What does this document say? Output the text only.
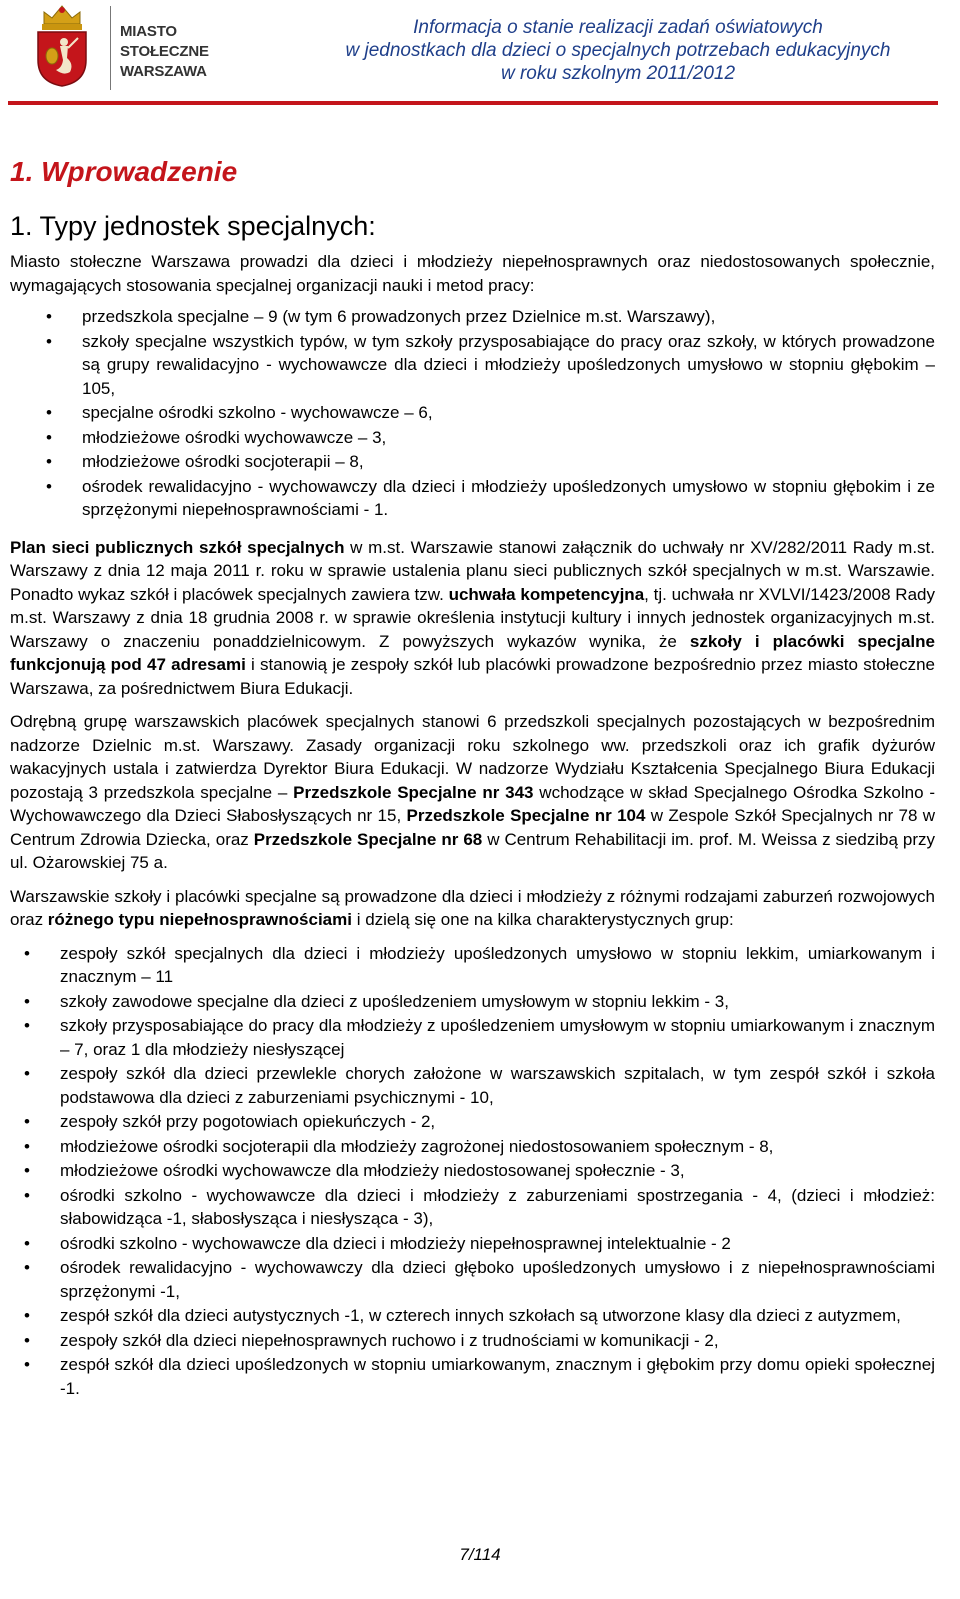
MIASTO
STOŁECZNE
WARSZAWA
Informacja o stanie realizacji zadań oświatowych
w jednostkach dla dzieci o specjalnych potrzebach edukacyjnych
w roku szkolnym 2011/2012
1. Wprowadzenie
1. Typy jednostek specjalnych:

Miasto stołeczne Warszawa prowadzi dla dzieci i młodzieży niepełnosprawnych oraz niedostosowanych społecznie, wymagających stosowania specjalnej organizacji nauki i metod pracy:

• przedszkola specjalne – 9 (w tym 6 prowadzonych przez Dzielnice m.st. Warszawy),
• szkoły specjalne wszystkich typów, w tym szkoły przysposabiające do pracy oraz szkoły, w których prowadzone są grupy rewalidacyjno - wychowawcze dla dzieci i młodzieży upośledzonych umysłowo w stopniu głębokim – 105,
• specjalne ośrodki szkolno - wychowawcze – 6,
• młodzieżowe ośrodki wychowawcze – 3,
• młodzieżowe ośrodki socjoterapii – 8,
• ośrodek rewalidacyjno - wychowawczy dla dzieci i młodzieży upośledzonych umysłowo w stopniu głębokim i ze sprzężonymi niepełnosprawnościami - 1.

Plan sieci publicznych szkół specjalnych w m.st. Warszawie stanowi załącznik do uchwały nr XV/282/2011 Rady m.st. Warszawy z dnia 12 maja 2011 r. roku w sprawie ustalenia planu sieci publicznych szkół specjalnych w m.st. Warszawie. Ponadto wykaz szkół i placówek specjalnych zawiera tzw. uchwała kompetencyjna, tj. uchwała nr XVLVI/1423/2008 Rady m.st. Warszawy z dnia 18 grudnia 2008 r. w sprawie określenia instytucji kultury i innych jednostek organizacyjnych m.st. Warszawy o znaczeniu ponaddzielnicowym. Z powyższych wykazów wynika, że szkoły i placówki specjalne funkcjonują pod 47 adresami i stanowią je zespoły szkół lub placówki prowadzone bezpośrednio przez miasto stołeczne Warszawa, za pośrednictwem Biura Edukacji.

Odrębną grupę warszawskich placówek specjalnych stanowi 6 przedszkoli specjalnych pozostających w bezpośrednim nadzorze Dzielnic m.st. Warszawy. Zasady organizacji roku szkolnego ww. przedszkoli oraz ich grafik dyżurów wakacyjnych ustala i zatwierdza Dyrektor Biura Edukacji. W nadzorze Wydziału Kształcenia Specjalnego Biura Edukacji pozostają 3 przedszkola specjalne – Przedszkole Specjalne nr 343 wchodzące w skład Specjalnego Ośrodka Szkolno - Wychowawczego dla Dzieci Słabosłyszących nr 15, Przedszkole Specjalne nr 104 w Zespole Szkół Specjalnych nr 78 w Centrum Zdrowia Dziecka, oraz Przedszkole Specjalne nr 68 w Centrum Rehabilitacji im. prof. M. Weissa z siedzibą przy ul. Ożarowskiej 75 a.

Warszawskie szkoły i placówki specjalne są prowadzone dla dzieci i młodzieży z różnymi rodzajami zaburzeń rozwojowych oraz różnego typu niepełnosprawnościami i dzielą się one na kilka charakterystycznych grup:

• zespoły szkół specjalnych dla dzieci i młodzieży upośledzonych umysłowo w stopniu lekkim, umiarkowanym i znacznym – 11
• szkoły zawodowe specjalne dla dzieci z upośledzeniem umysłowym w stopniu lekkim - 3,
• szkoły przysposabiające do pracy dla młodzieży z upośledzeniem umysłowym w stopniu umiarkowanym i znacznym – 7, oraz 1 dla młodzieży niesłyszącej
• zespoły szkół dla dzieci przewlekle chorych założone w warszawskich szpitalach, w tym zespół szkół i szkoła podstawowa dla dzieci z zaburzeniami psychicznymi - 10,
• zespoły szkół przy pogotowiach opiekuńczych - 2,
• młodzieżowe ośrodki socjoterapii dla młodzieży zagrożonej niedostosowaniem społecznym - 8,
• młodzieżowe ośrodki wychowawcze dla młodzieży niedostosowanej społecznie - 3,
• ośrodki szkolno - wychowawcze dla dzieci i młodzieży z zaburzeniami spostrzegania - 4, (dzieci i młodzież: słabowidząca -1, słabosłysząca i niesłysząca - 3),
• ośrodki szkolno - wychowawcze dla dzieci i młodzieży niepełnosprawnej intelektualnie - 2
• ośrodek rewalidacyjno - wychowawczy dla dzieci głęboko upośledzonych umysłowo i z niepełnosprawnościami sprzężonymi -1,
• zespół szkół dla dzieci autystycznych -1, w czterech innych szkołach są utworzone klasy dla dzieci z autyzmem,
• zespoły szkół dla dzieci niepełnosprawnych ruchowo i z trudnościami w komunikacji - 2,
• zespół szkół dla dzieci upośledzonych w stopniu umiarkowanym, znacznym i głębokim przy domu opieki społecznej -1.
7/114
